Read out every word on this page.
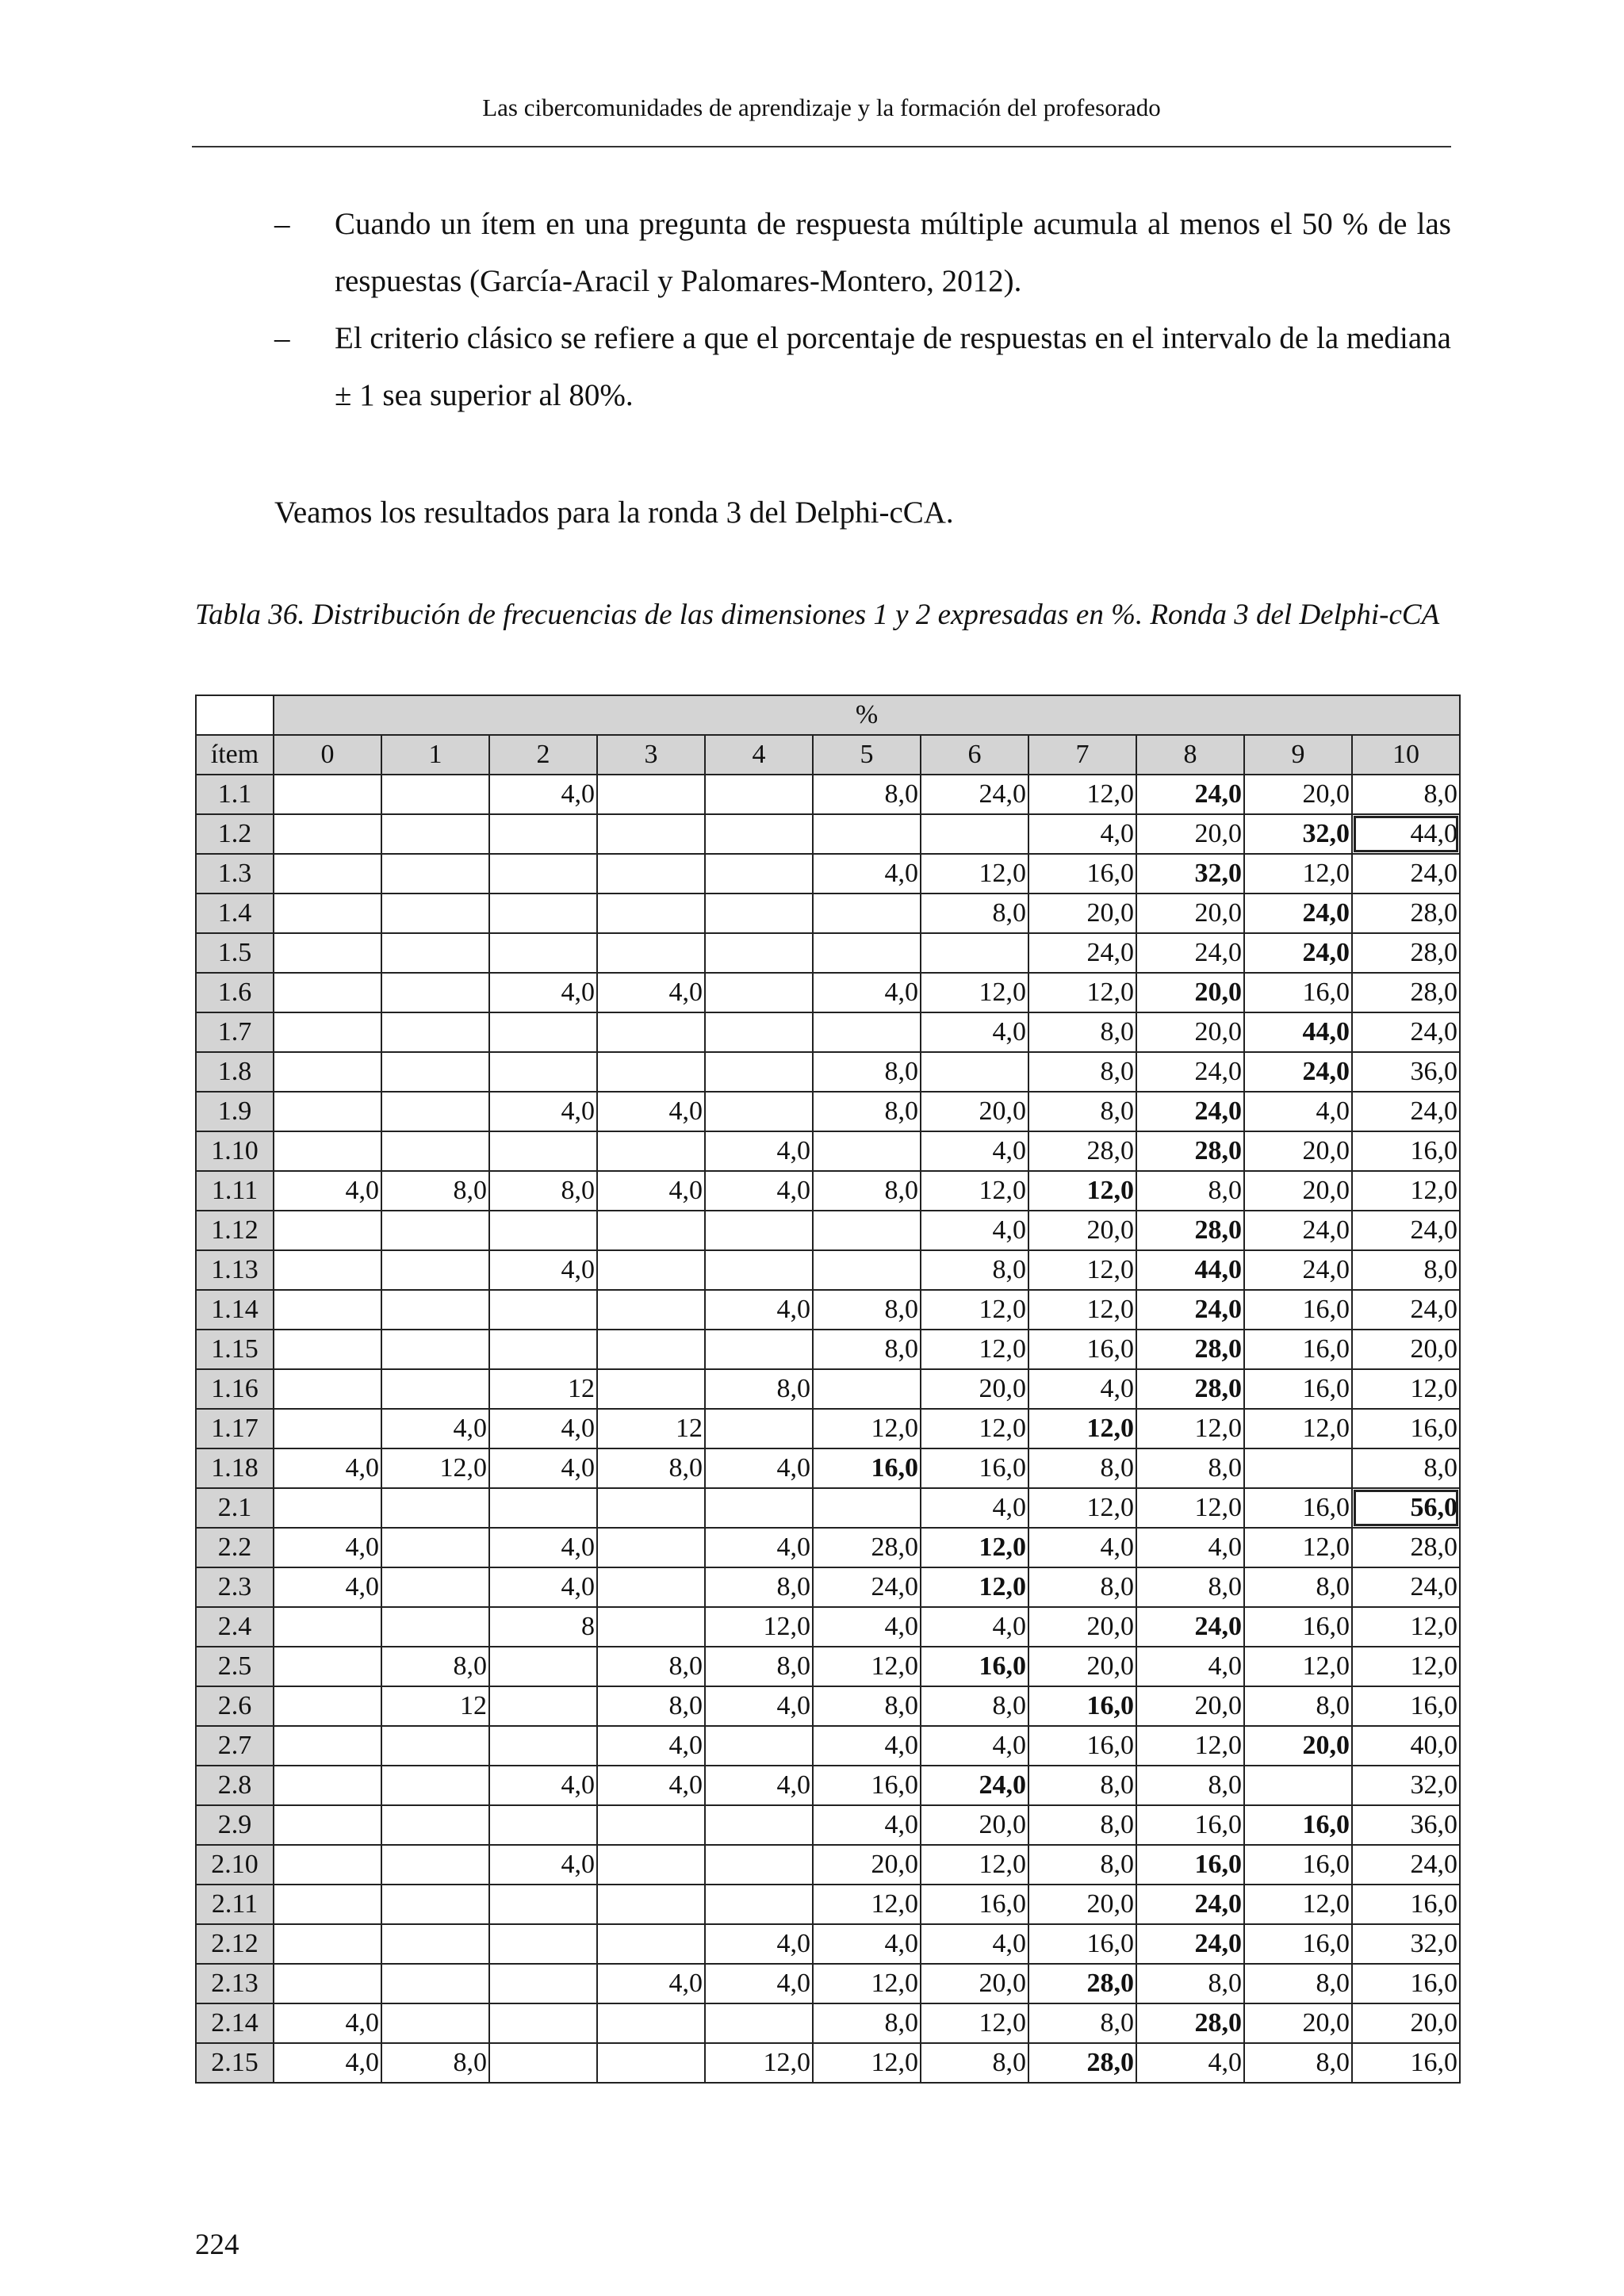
Las cibercomunidades de aprendizaje y la formación del profesorado
–	Cuando un ítem en una pregunta de respuesta múltiple acumula al menos el 50 % de las respuestas (García-Aracil y Palomares-Montero, 2012).
–	El criterio clásico se refiere a que el porcentaje de respuestas en el intervalo de la mediana ± 1 sea superior al 80%.
Veamos los resultados para la ronda 3 del Delphi-cCA.
Tabla 36. Distribución de frecuencias de las dimensiones 1 y 2 expresadas en %. Ronda 3 del Delphi-cCA
	%										
ítem	0	1	2	3	4	5	6	7	8	9	10
1.1			4,0			8,0	24,0	12,0	24,0	20,0	8,0
1.2								4,0	20,0	32,0	44,0
1.3						4,0	12,0	16,0	32,0	12,0	24,0
1.4							8,0	20,0	20,0	24,0	28,0
1.5								24,0	24,0	24,0	28,0
1.6			4,0	4,0		4,0	12,0	12,0	20,0	16,0	28,0
1.7							4,0	8,0	20,0	44,0	24,0
1.8						8,0		8,0	24,0	24,0	36,0
1.9			4,0	4,0		8,0	20,0	8,0	24,0	4,0	24,0
1.10					4,0		4,0	28,0	28,0	20,0	16,0
1.11	4,0	8,0	8,0	4,0	4,0	8,0	12,0	12,0	8,0	20,0	12,0
1.12							4,0	20,0	28,0	24,0	24,0
1.13			4,0				8,0	12,0	44,0	24,0	8,0
1.14					4,0	8,0	12,0	12,0	24,0	16,0	24,0
1.15						8,0	12,0	16,0	28,0	16,0	20,0
1.16			12		8,0		20,0	4,0	28,0	16,0	12,0
1.17		4,0	4,0	12		12,0	12,0	12,0	12,0	12,0	16,0
1.18	4,0	12,0	4,0	8,0	4,0	16,0	16,0	8,0	8,0		8,0
2.1							4,0	12,0	12,0	16,0	56,0
2.2	4,0		4,0		4,0	28,0	12,0	4,0	4,0	12,0	28,0
2.3	4,0		4,0		8,0	24,0	12,0	8,0	8,0	8,0	24,0
2.4			8		12,0	4,0	4,0	20,0	24,0	16,0	12,0
2.5		8,0		8,0	8,0	12,0	16,0	20,0	4,0	12,0	12,0
2.6		12		8,0	4,0	8,0	8,0	16,0	20,0	8,0	16,0
2.7				4,0		4,0	4,0	16,0	12,0	20,0	40,0
2.8			4,0	4,0	4,0	16,0	24,0	8,0	8,0		32,0
2.9						4,0	20,0	8,0	16,0	16,0	36,0
2.10			4,0			20,0	12,0	8,0	16,0	16,0	24,0
2.11						12,0	16,0	20,0	24,0	12,0	16,0
2.12					4,0	4,0	4,0	16,0	24,0	16,0	32,0
2.13				4,0	4,0	12,0	20,0	28,0	8,0	8,0	16,0
2.14	4,0					8,0	12,0	8,0	28,0	20,0	20,0
2.15	4,0	8,0			12,0	12,0	8,0	28,0	4,0	8,0	16,0
224
